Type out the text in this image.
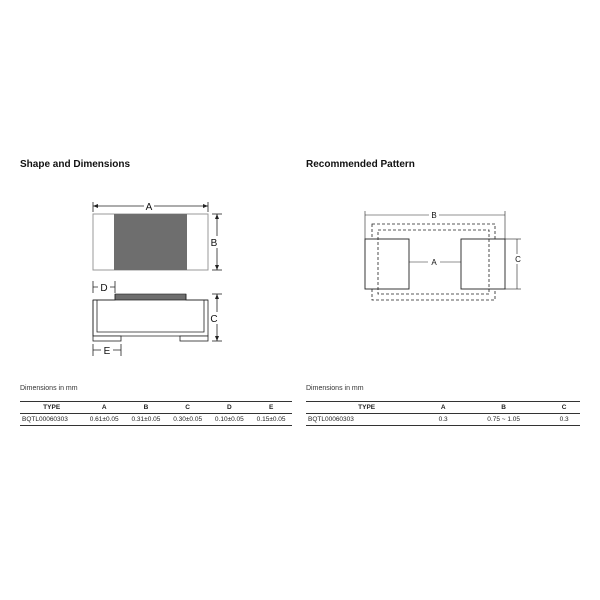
Shape and Dimensions
A
B
D
C
E
B
A	C
Dimensions in mm
TYPE	A	B	C	D	E
BQTL00060303	0.61±0.05	0.31±0.05	0.30±0.05	0.10±0.05	0.15±0.05
Recommended Pattern
Dimensions in mm
TYPE	A	B	C
BQTL00060303	0.3	0.75 ~ 1.05	0.3
